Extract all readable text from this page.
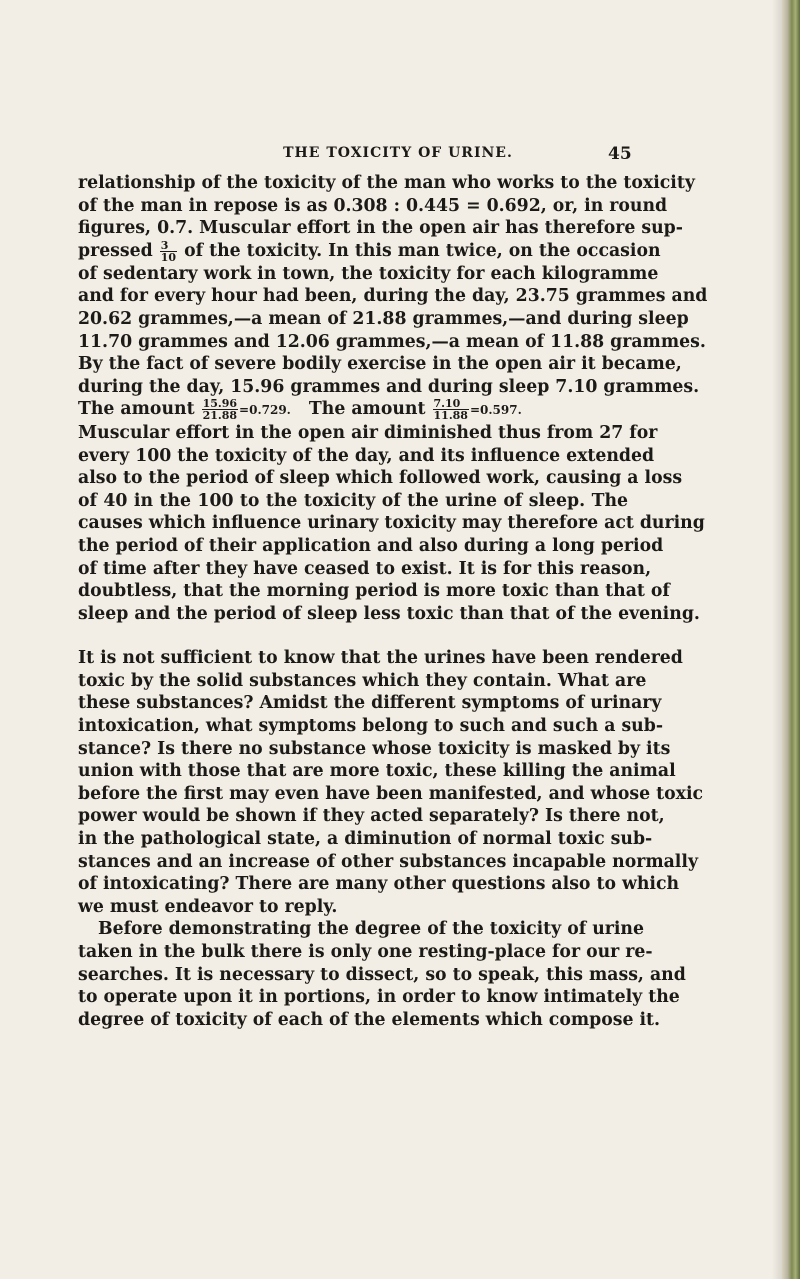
THE TOXICITY OF URINE.	45
relationship of the toxicity of the man who works to the toxicity
of the man in repose is as 0.308 : 0.445 = 0.692, or, in round
figures, 0.7. Muscular effort in the open air has therefore sup-
pressed $\frac{3}{10}$ of the toxicity. In this man twice, on the occasion
of sedentary work in town, the toxicity for each kilogramme
and for every hour had been, during the day, 23.75 grammes and
20.62 grammes,—a mean of 21.88 grammes,—and during sleep
11.70 grammes and 12.06 grammes,—a mean of 11.88 grammes.
By the fact of severe bodily exercise in the open air it became,
during the day, 15.96 grammes and during sleep 7.10 grammes.
The amount $\frac{15.96}{21.88} =0.729$. The amount $\frac{7.10}{11.88} =0.597$.
Muscular effort in the open air diminished thus from 27 for
every 100 the toxicity of the day, and its influence extended
also to the period of sleep which followed work, causing a loss
of 40 in the 100 to the toxicity of the urine of sleep. The
causes which influence urinary toxicity may therefore act during
the period of their application and also during a long period
of time after they have ceased to exist. It is for this reason,
doubtless, that the morning period is more toxic than that of
sleep and the period of sleep less toxic than that of the evening.
It is not sufficient to know that the urines have been rendered
toxic by the solid substances which they contain. What are
these substances? Amidst the different symptoms of urinary
intoxication, what symptoms belong to such and such a sub-
stance? Is there no substance whose toxicity is masked by its
union with those that are more toxic, these killing the animal
before the first may even have been manifested, and whose toxic
power would be shown if they acted separately? Is there not,
in the pathological state, a diminution of normal toxic sub-
stances and an increase of other substances incapable normally
of intoxicating? There are many other questions also to which
we must endeavor to reply.
Before demonstrating the degree of the toxicity of urine
taken in the bulk there is only one resting-place for our re-
searches. It is necessary to dissect, so to speak, this mass, and
to operate upon it in portions, in order to know intimately the
degree of toxicity of each of the elements which compose it.
